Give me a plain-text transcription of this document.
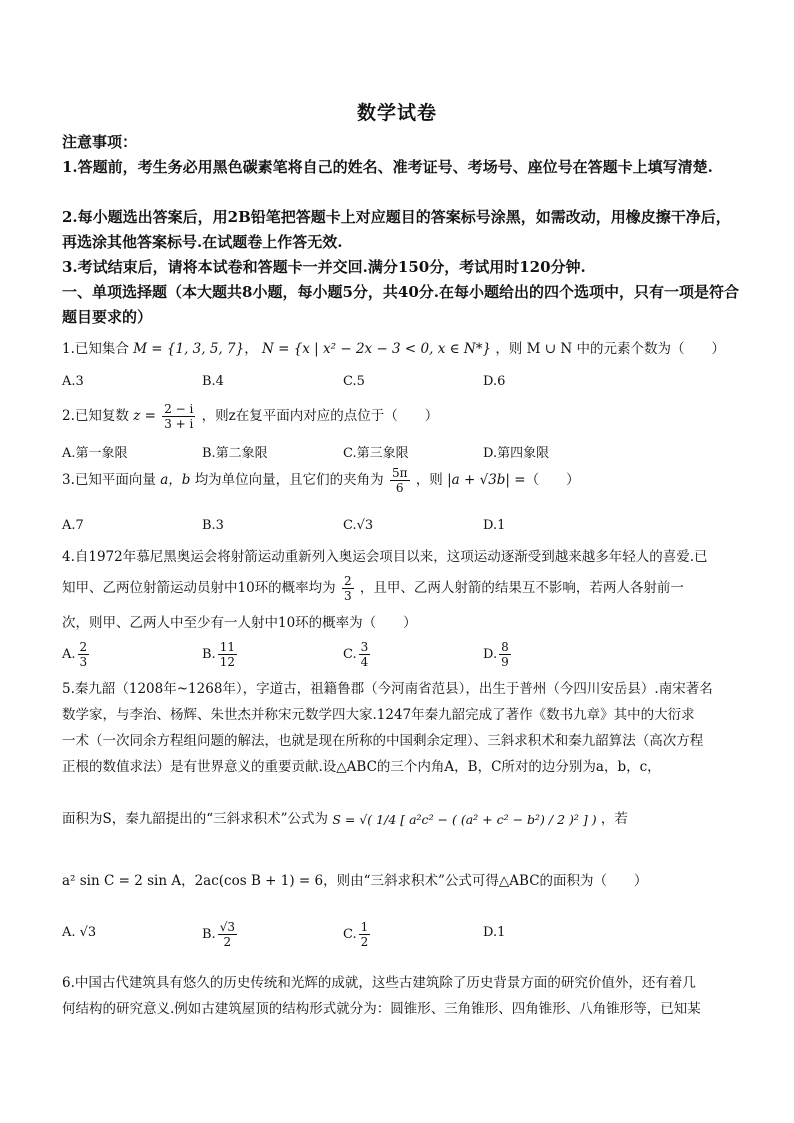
数学试卷
注意事项：
1.答题前，考生务必用黑色碳素笔将自己的姓名、准考证号、考场号、座位号在答题卡上填写清楚.
2.每小题选出答案后，用2B铅笔把答题卡上对应题目的答案标号涂黑，如需改动，用橡皮擦干净后，再选涂其他答案标号.在试题卷上作答无效.
3.考试结束后，请将本试卷和答题卡一并交回.满分150分，考试用时120分钟.
一、单项选择题（本大题共8小题，每小题5分，共40分.在每小题给出的四个选项中，只有一项是符合题目要求的）
1.已知集合 M = {1, 3, 5, 7}， N = {x | x² − 2x − 3 < 0, x ∈ N*} ，则 M ∪ N 中的元素个数为（　　）
A.3	B.4	C.5	D.6
2.已知复数 $z = \frac{2 - i}{3 + i}$ ，则z在复平面内对应的点位于（　　）
A.第一象限	B.第二象限	C.第三象限	D.第四象限
3.已知平面向量 a，b 均为单位向量，且它们的夹角为 $\frac{5\pi}{6}$ ，则 |a + √3b| =（　　）
A.7	B.3	C.√3	D.1
4.自1972年慕尼黑奥运会将射箭运动重新列入奥运会项目以来，这项运动逐渐受到越来越多年轻人的喜爱.已
知甲、乙两位射箭运动员射中10环的概率均为 $\frac{2}{3}$ ，且甲、乙两人射箭的结果互不影响，若两人各射前一
次，则甲、乙两人中至少有一人射中10环的概率为（　　）
A. $\frac{2}{3}$	B. $\frac{11}{12}$	C. $\frac{3}{4}$	D. $\frac{8}{9}$
5.秦九韶（1208年~1268年），字道古，祖籍鲁郡（今河南省范县），出生于普州（今四川安岳县）.南宋著名
数学家，与李治、杨辉、朱世杰并称宋元数学四大家.1247年秦九韶完成了著作《数书九章》其中的大衍求
一术（一次同余方程组问题的解法，也就是现在所称的中国剩余定理）、三斜求积术和秦九韶算法（高次方程
正根的数值求法）是有世界意义的重要贡献.设△ABC的三个内角A，B，C所对的边分别为a，b，c，
面积为S，秦九韶提出的“三斜求积术”公式为 S = √( 1/4 [ a²c² − ( (a² + c² − b²) / 2 )² ] ) ，若
a² sin C = 2 sin A，2ac(cos B + 1) = 6，则由“三斜求积术”公式可得△ABC的面积为（　　）
A. √3	B. $\frac{√3}{2}$	C. $\frac{1}{2}$	D.1
6.中国古代建筑具有悠久的历史传统和光辉的成就，这些古建筑除了历史背景方面的研究价值外，还有着几
何结构的研究意义.例如古建筑屋顶的结构形式就分为：圆锥形、三角锥形、四角锥形、八角锥形等，已知某
